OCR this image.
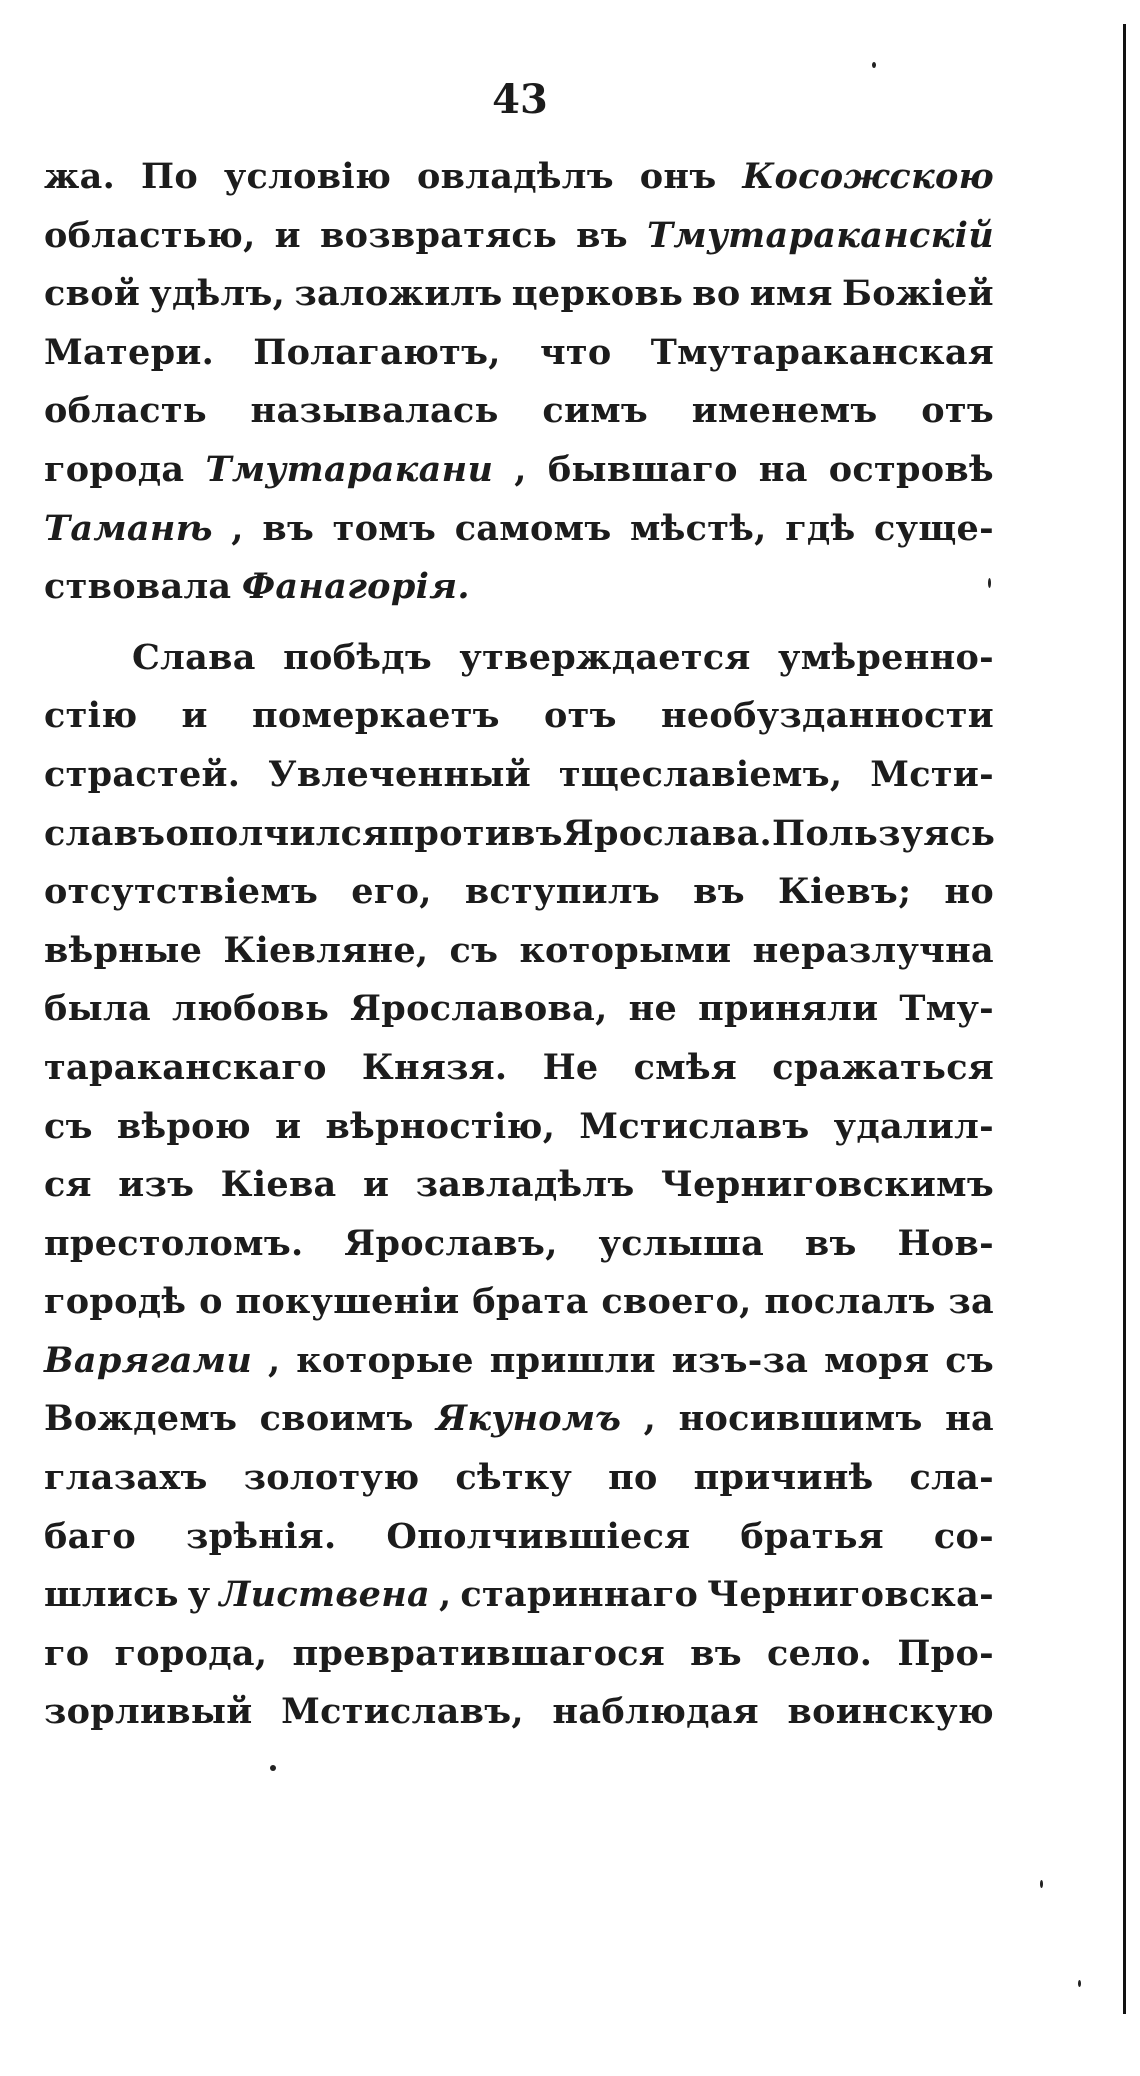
43
жа. По условію овладѣлъ онъ Косожскою
областью, и возвратясь въ Тмутараканскій
свой удѣлъ, заложилъ церковь во имя Божіей
Матери. Полагаютъ, что Тмутараканская
область называлась симъ именемъ отъ
города Тмутаракани , бывшаго на островѣ
Таманѣ , въ томъ самомъ мѣстѣ, гдѣ суще-
ствовала Фанагорія.
Слава побѣдъ утверждается умѣренно-
стію и померкаетъ отъ необузданности
страстей. Увлеченный тщеславіемъ, Мсти-
славъ ополчился противъ Ярослава. Пользуясь
отсутствіемъ его, вступилъ въ Кіевъ; но
вѣрные Кіевляне, съ которыми неразлучна
была любовь Ярославова, не приняли Тму-
тараканскаго Князя. Не смѣя сражаться
съ вѣрою и вѣрностію, Мстиславъ удалил-
ся изъ Кіева и завладѣлъ Черниговскимъ
престоломъ. Ярославъ, услыша въ Нов-
городѣ о покушеніи брата своего, послалъ за
Варягами , которые пришли изъ-за моря съ
Вождемъ своимъ Якуномъ , носившимъ на
глазахъ золотую сѣтку по причинѣ сла-
баго зрѣнія. Ополчившіеся братья со-
шлись у Листвена , стариннаго Черниговска-
го города, превратившагося въ село. Про-
зорливый Мстиславъ, наблюдая воинскую
